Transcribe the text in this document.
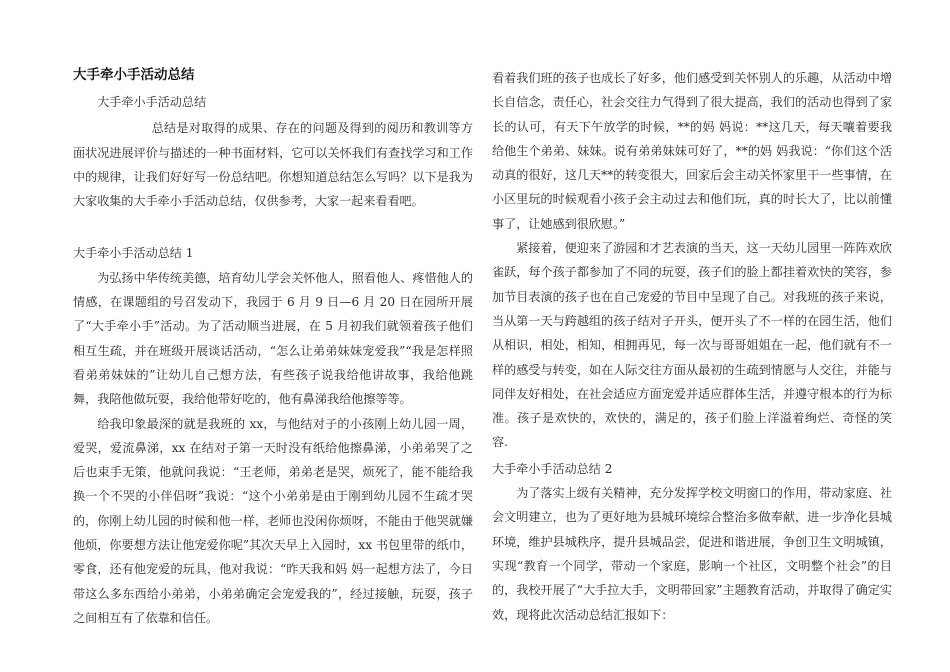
大手牵小手活动总结

大手牵小手活动总结

总结是对取得的成果、存在的问题及得到的阅历和教训等方面状况进展评价与描述的一种书面材料，它可以关怀我们有查找学习和工作中的规律，让我们好好写一份总结吧。你想知道总结怎么写吗？以下是我为大家收集的大手牵小手活动总结，仅供参考，大家一起来看看吧。

大手牵小手活动总结 1

为弘扬中华传统美德，培育幼儿学会关怀他人，照看他人、疼惜他人的情感，在课题组的号召发动下，我园于 6 月 9 日—6 月 20 日在园所开展了“大手牵小手”活动。为了活动顺当进展，在 5 月初我们就领着孩子他们相互生疏，并在班级开展谈话活动，“怎么让弟弟妹妹宠爱我”“我是怎样照看弟弟妹妹的”让幼儿自己想方法，有些孩子说我给他讲故事，我给他跳舞，我陪他做玩耍，我给他带好吃的，他有鼻涕我给他擦等等。

给我印象最深的就是我班的 xx，与他结对子的小孩刚上幼儿园一周，爱哭，爱流鼻涕，xx 在结对子第一天时没有纸给他擦鼻涕，小弟弟哭了之后也束手无策，他就问我说：“王老师，弟弟老是哭，烦死了，能不能给我换一个不哭的小伴侣呀”我说：“这个小弟弟是由于刚到幼儿园不生疏才哭的，你刚上幼儿园的时候和他一样，老师也没闲你烦呀，不能由于他哭就嫌他烦，你要想方法让他宠爱你呢”其次天早上入园时，xx 书包里带的纸巾，零食，还有他宠爱的玩具，他对我说：“昨天我和妈 妈一起想方法了，今日带这么多东西给小弟弟，小弟弟确定会宠爱我的”，经过接触，玩耍，孩子之间相互有了依靠和信任。

看着我们班的孩子也成长了好多，他们感受到关怀别人的乐趣，从活动中增长自信念，责任心，社会交往力气得到了很大提高，我们的活动也得到了家长的认可，有天下午放学的时候，**的妈 妈说：**这几天，每天嚷着要我给他生个弟弟、妹妹。说有弟弟妹妹可好了，**的妈 妈我说：“你们这个活动真的很好，这几天**的转变很大，回家后会主动关怀家里干一些事情，在小区里玩的时候观看小孩子会主动过去和他们玩，真的时长大了，比以前懂事了，让她感到很欣慰。”

紧接着，便迎来了游园和才艺表演的当天，这一天幼儿园里一阵阵欢欣雀跃，每个孩子都参加了不同的玩耍，孩子们的脸上都挂着欢快的笑容，参加节目表演的孩子也在自己宠爱的节目中呈现了自己。对我班的孩子来说，当从第一天与跨越组的孩子结对子开头，便开头了不一样的在园生活，他们从相识，相处，相知，相拥再见，每一次与哥哥姐姐在一起，他们就有不一样的感受与转变，如在人际交往方面从最初的生疏到情愿与人交往，并能与同伴友好相处，在社会适应方面宠爱并适应群体生活，并遵守根本的行为标准。孩子是欢快的，欢快的，满足的，孩子们脸上洋溢着绚烂、奇怪的笑容.

大手牵小手活动总结 2

为了落实上级有关精神，充分发挥学校文明窗口的作用，带动家庭、社会文明建立，也为了更好地为县城环境综合整治多做奉献，进一步净化县城环境，维护县城秩序，提升县城品尝，促进和谐进展，争创卫生文明城镇，实现“教育一个同学，带动一个家庭，影响一个社区，文明整个社会”的目的，我校开展了“大手拉大手，文明带回家”主题教育活动，并取得了确定实效，现将此次活动总结汇报如下：
